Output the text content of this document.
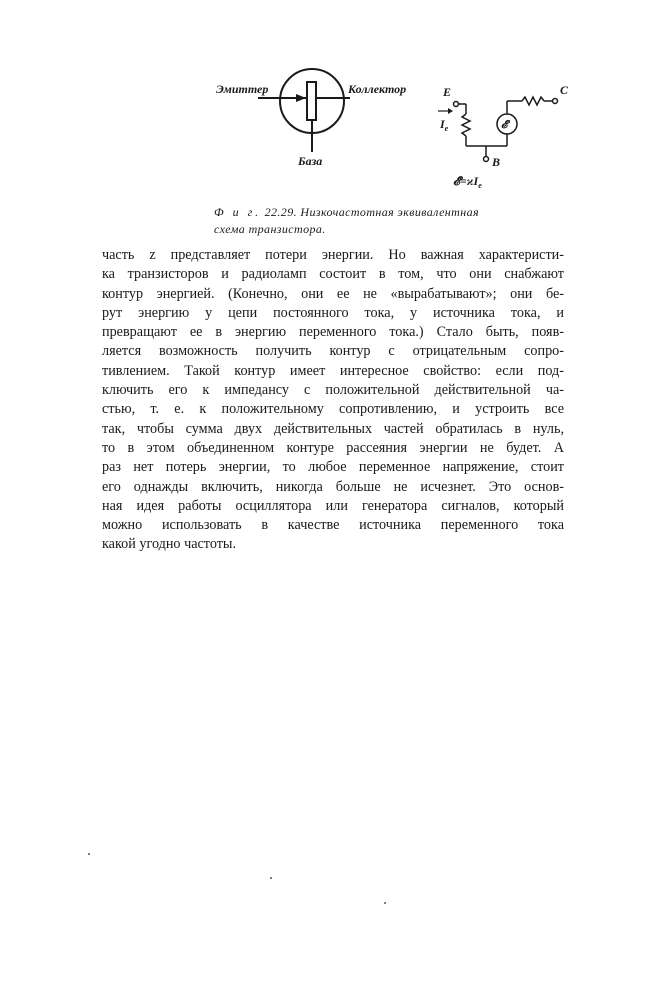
Эмиттер	Коллектор
База
E
𝓔
C
B
$I_e$
$𝓔̂=ϰI_e$

Ф и г. 22.29. Низкочастотная эквивалентная
схема транзистора.

часть z представляет потери энергии. Но важная характеристи-
ка транзисторов и радиоламп состоит в том, что они снабжают
контур энергией. (Конечно, они ее не «вырабатывают»; они бе-
рут энергию у цепи постоянного тока, у источника тока, и
превращают ее в энергию переменного тока.) Стало быть, появ-
ляется возможность получить контур с отрицательным сопро-
тивлением. Такой контур имеет интересное свойство: если под-
ключить его к импедансу с положительной действительной ча-
стью, т. е. к положительному сопротивлению, и устроить все
так, чтобы сумма двух действительных частей обратилась в нуль,
то в этом объединенном контуре рассеяния энергии не будет. А
раз нет потерь энергии, то любое переменное напряжение, стоит
его однажды включить, никогда больше не исчезнет. Это основ-
ная идея работы осциллятора или генератора сигналов, который
можно использовать в качестве источника переменного тока
какой угодно частоты.
